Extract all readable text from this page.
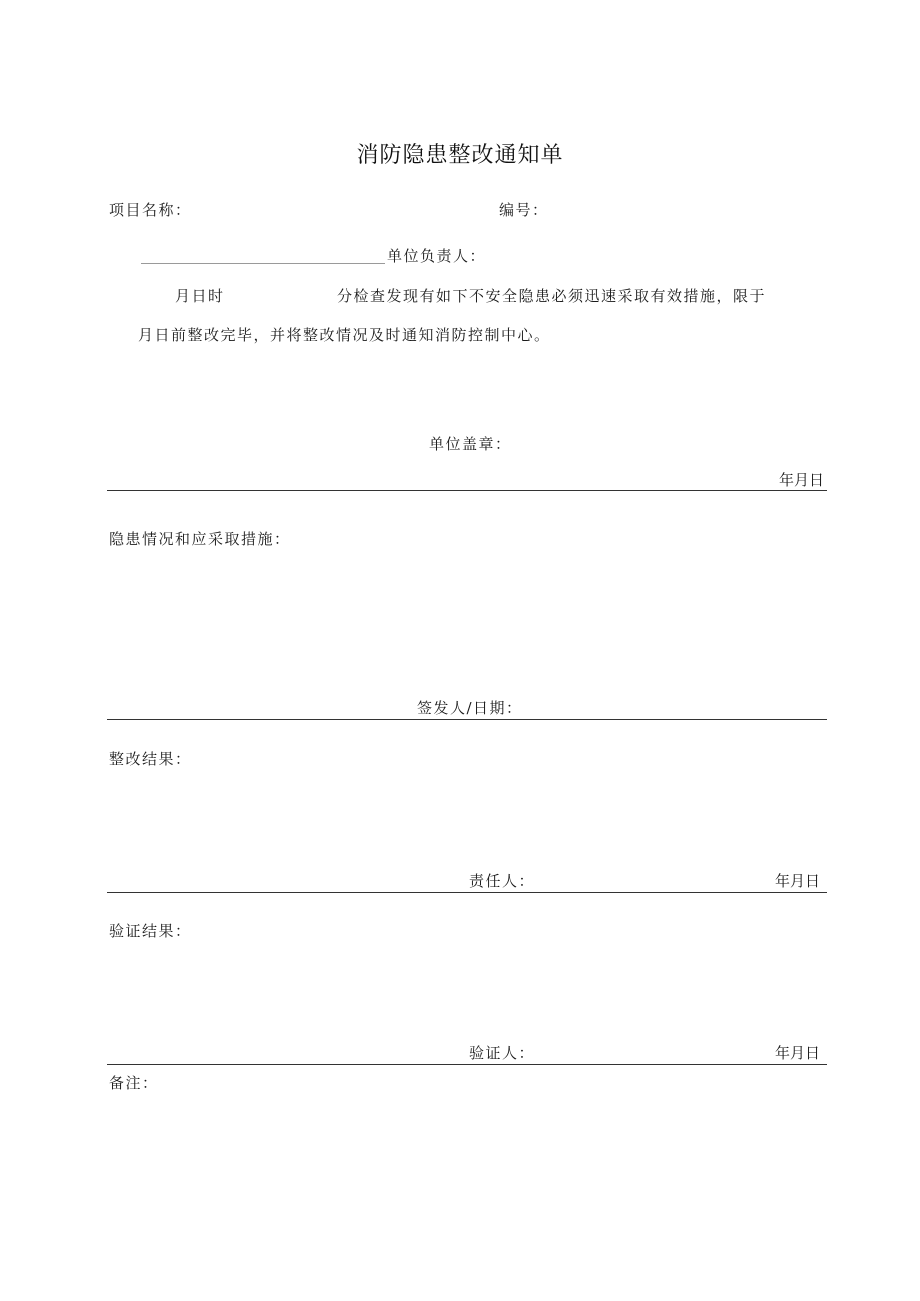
消防隐患整改通知单
项目名称：	编号：
单位负责人：
月日时	分检查发现有如下不安全隐患必须迅速采取有效措施，限于
月日前整改完毕，并将整改情况及时通知消防控制中心。
单位盖章：
年月日
隐患情况和应采取措施：
签发人/日期：
整改结果：
责任人：	年月日
验证结果：
验证人：	年月日
备注：
